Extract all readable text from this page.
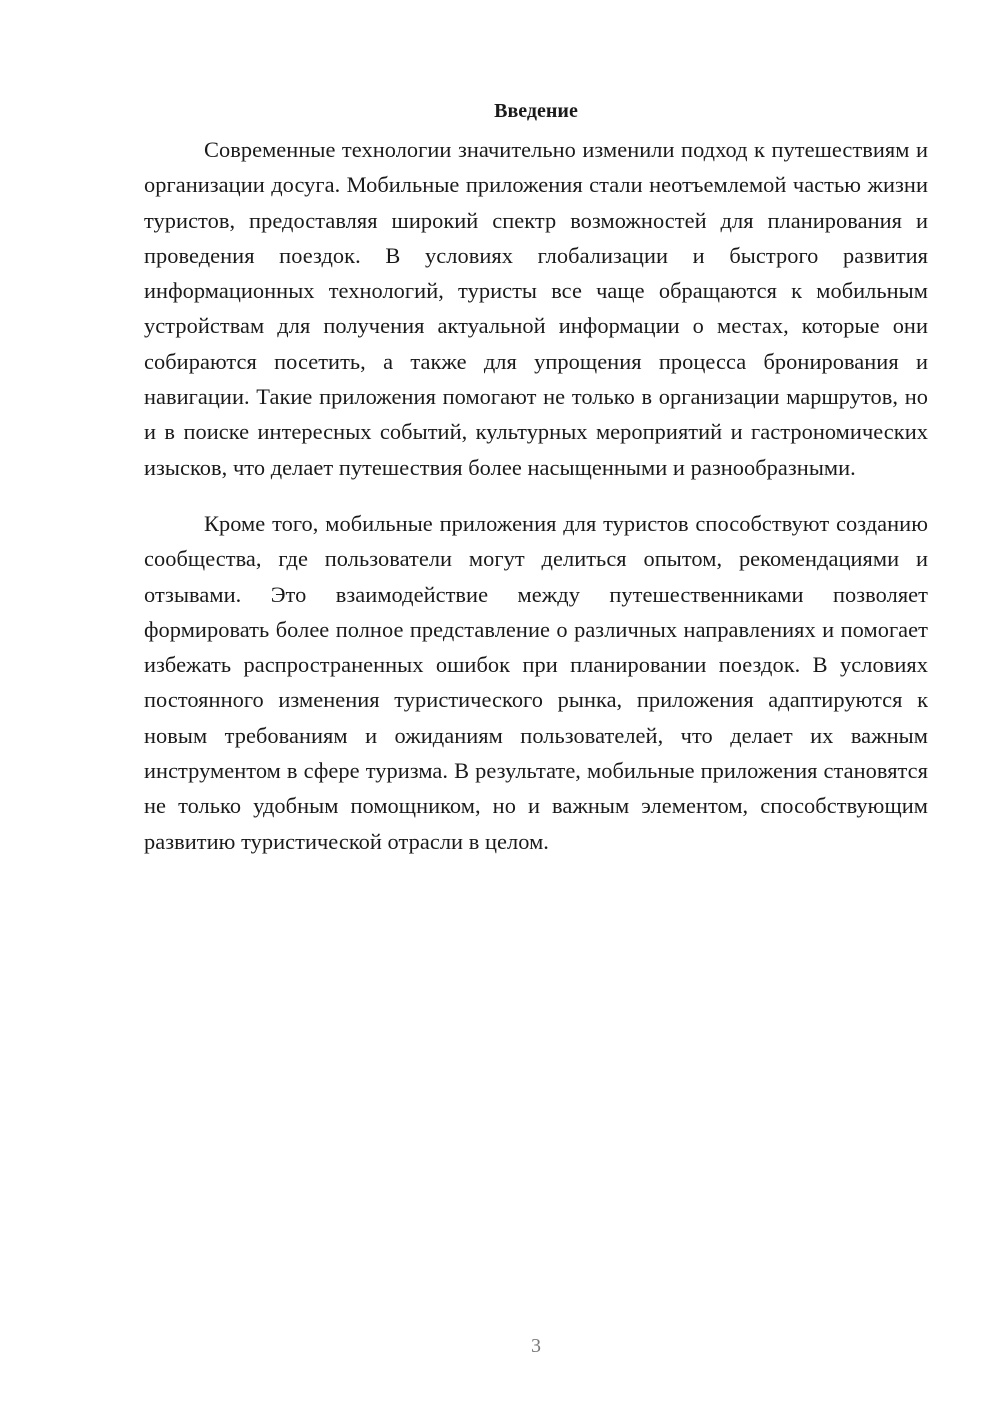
Введение

Современные технологии значительно изменили подход к путешествиям и организации досуга. Мобильные приложения стали неотъемлемой частью жизни туристов, предоставляя широкий спектр возможностей для планирования и проведения поездок. В условиях глобализации и быстрого развития информационных технологий, туристы все чаще обращаются к мобильным устройствам для получения актуальной информации о местах, которые они собираются посетить, а также для упрощения процесса бронирования и навигации. Такие приложения помогают не только в организации маршрутов, но и в поиске интересных событий, культурных мероприятий и гастрономических изысков, что делает путешествия более насыщенными и разнообразными.

Кроме того, мобильные приложения для туристов способствуют созданию сообщества, где пользователи могут делиться опытом, рекомендациями и отзывами. Это взаимодействие между путешественниками позволяет формировать более полное представление о различных направлениях и помогает избежать распространенных ошибок при планировании поездок. В условиях постоянного изменения туристического рынка, приложения адаптируются к новым требованиям и ожиданиям пользователей, что делает их важным инструментом в сфере туризма. В результате, мобильные приложения становятся не только удобным помощником, но и важным элементом, способствующим развитию туристической отрасли в целом.

3
